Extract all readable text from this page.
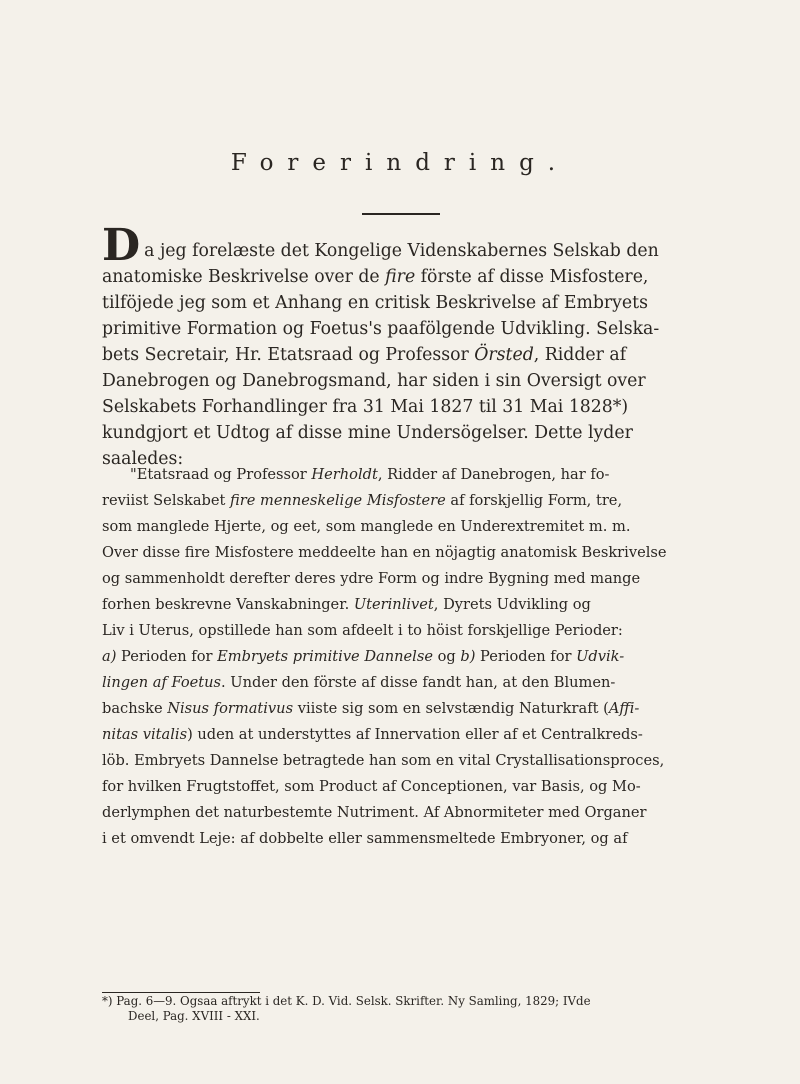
Forerindring.
Da jeg forelæste det Kongelige Videnskabernes Selskab den
anatomiske Beskrivelse over de fire förste af disse Misfostere,
tilföjede jeg som et Anhang en critisk Beskrivelse af Embryets
primitive Formation og Foetus's paafölgende Udvikling. Selska-
bets Secretair, Hr. Etatsraad og Professor Örsted, Ridder af
Danebrogen og Danebrogsmand, har siden i sin Oversigt over
Selskabets Forhandlinger fra 31 Mai 1827 til 31 Mai 1828*)
kundgjort et Udtog af disse mine Undersögelser. Dette lyder
saaledes:
"Etatsraad og Professor Herholdt, Ridder af Danebrogen, har fo-
reviist Selskabet fire menneskelige Misfostere af forskjellig Form, tre,
som manglede Hjerte, og eet, som manglede en Underextremitet m. m.
Over disse fire Misfostere meddeelte han en nöjagtig anatomisk Beskrivelse
og sammenholdt derefter deres ydre Form og indre Bygning med mange
forhen beskrevne Vanskabninger. Uterinlivet, Dyrets Udvikling og
Liv i Uterus, opstillede han som afdeelt i to höist forskjellige Perioder:
a) Perioden for Embryets primitive Dannelse og b) Perioden for Udvik-
lingen af Foetus. Under den förste af disse fandt han, at den Blumen-
bachske Nisus formativus viiste sig som en selvstændig Naturkraft (Affi-
nitas vitalis) uden at understyttes af Innervation eller af et Centralkreds-
löb. Embryets Dannelse betragtede han som en vital Crystallisationsproces,
for hvilken Frugtstoffet, som Product af Conceptionen, var Basis, og Mo-
derlymphen det naturbestemte Nutriment. Af Abnormiteter med Organer
i et omvendt Leje: af dobbelte eller sammensmeltede Embryoner, og af
*) Pag. 6—9. Ogsaa aftrykt i det K. D. Vid. Selsk. Skrifter. Ny Samling, 1829; IVde
Deel, Pag. XVIII - XXI.
